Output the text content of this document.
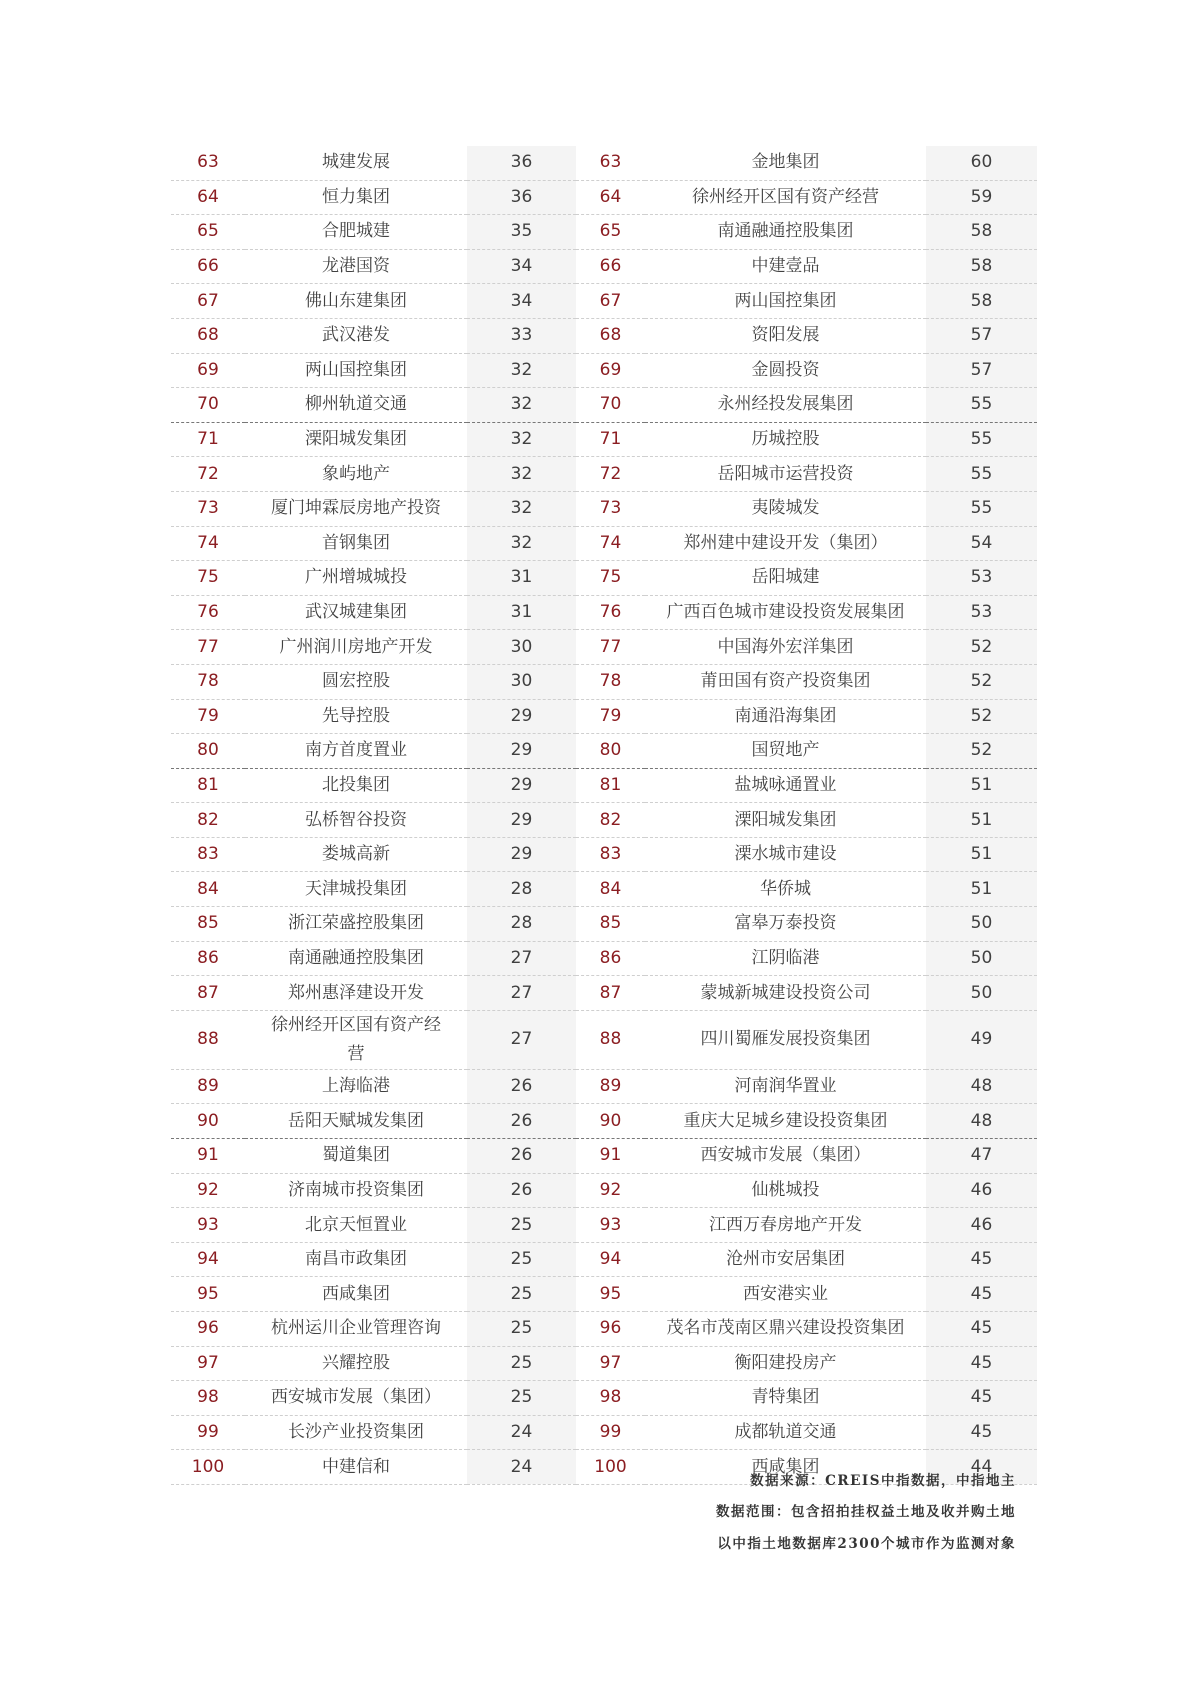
63	城建发展	36	63	金地集团	60
64	恒力集团	36	64	徐州经开区国有资产经营	59
65	合肥城建	35	65	南通融通控股集团	58
66	龙港国资	34	66	中建壹品	58
67	佛山东建集团	34	67	两山国控集团	58
68	武汉港发	33	68	资阳发展	57
69	两山国控集团	32	69	金圆投资	57
70	柳州轨道交通	32	70	永州经投发展集团	55
71	溧阳城发集团	32	71	历城控股	55
72	象屿地产	32	72	岳阳城市运营投资	55
73	厦门坤霖辰房地产投资	32	73	夷陵城发	55
74	首钢集团	32	74	郑州建中建设开发（集团）	54
75	广州增城城投	31	75	岳阳城建	53
76	武汉城建集团	31	76	广西百色城市建设投资发展集团	53
77	广州润川房地产开发	30	77	中国海外宏洋集团	52
78	圆宏控股	30	78	莆田国有资产投资集团	52
79	先导控股	29	79	南通沿海集团	52
80	南方首度置业	29	80	国贸地产	52
81	北投集团	29	81	盐城咏通置业	51
82	弘桥智谷投资	29	82	溧阳城发集团	51
83	娄城高新	29	83	溧水城市建设	51
84	天津城投集团	28	84	华侨城	51
85	浙江荣盛控股集团	28	85	富皋万泰投资	50
86	南通融通控股集团	27	86	江阴临港	50
87	郑州惠泽建设开发	27	87	蒙城新城建设投资公司	50
88	徐州经开区国有资产经营	27	88	四川蜀雁发展投资集团	49
89	上海临港	26	89	河南润华置业	48
90	岳阳天赋城发集团	26	90	重庆大足城乡建设投资集团	48
91	蜀道集团	26	91	西安城市发展（集团）	47
92	济南城市投资集团	26	92	仙桃城投	46
93	北京天恒置业	25	93	江西万春房地产开发	46
94	南昌市政集团	25	94	沧州市安居集团	45
95	西咸集团	25	95	西安港实业	45
96	杭州运川企业管理咨询	25	96	茂名市茂南区鼎兴建设投资集团	45
97	兴耀控股	25	97	衡阳建投房产	45
98	西安城市发展（集团）	25	98	青特集团	45
99	长沙产业投资集团	24	99	成都轨道交通	45
100	中建信和	24	100	西咸集团	44
数据来源：CREIS中指数据，中指地主
数据范围：包含招拍挂权益土地及收并购土地
以中指土地数据库2300个城市作为监测对象
